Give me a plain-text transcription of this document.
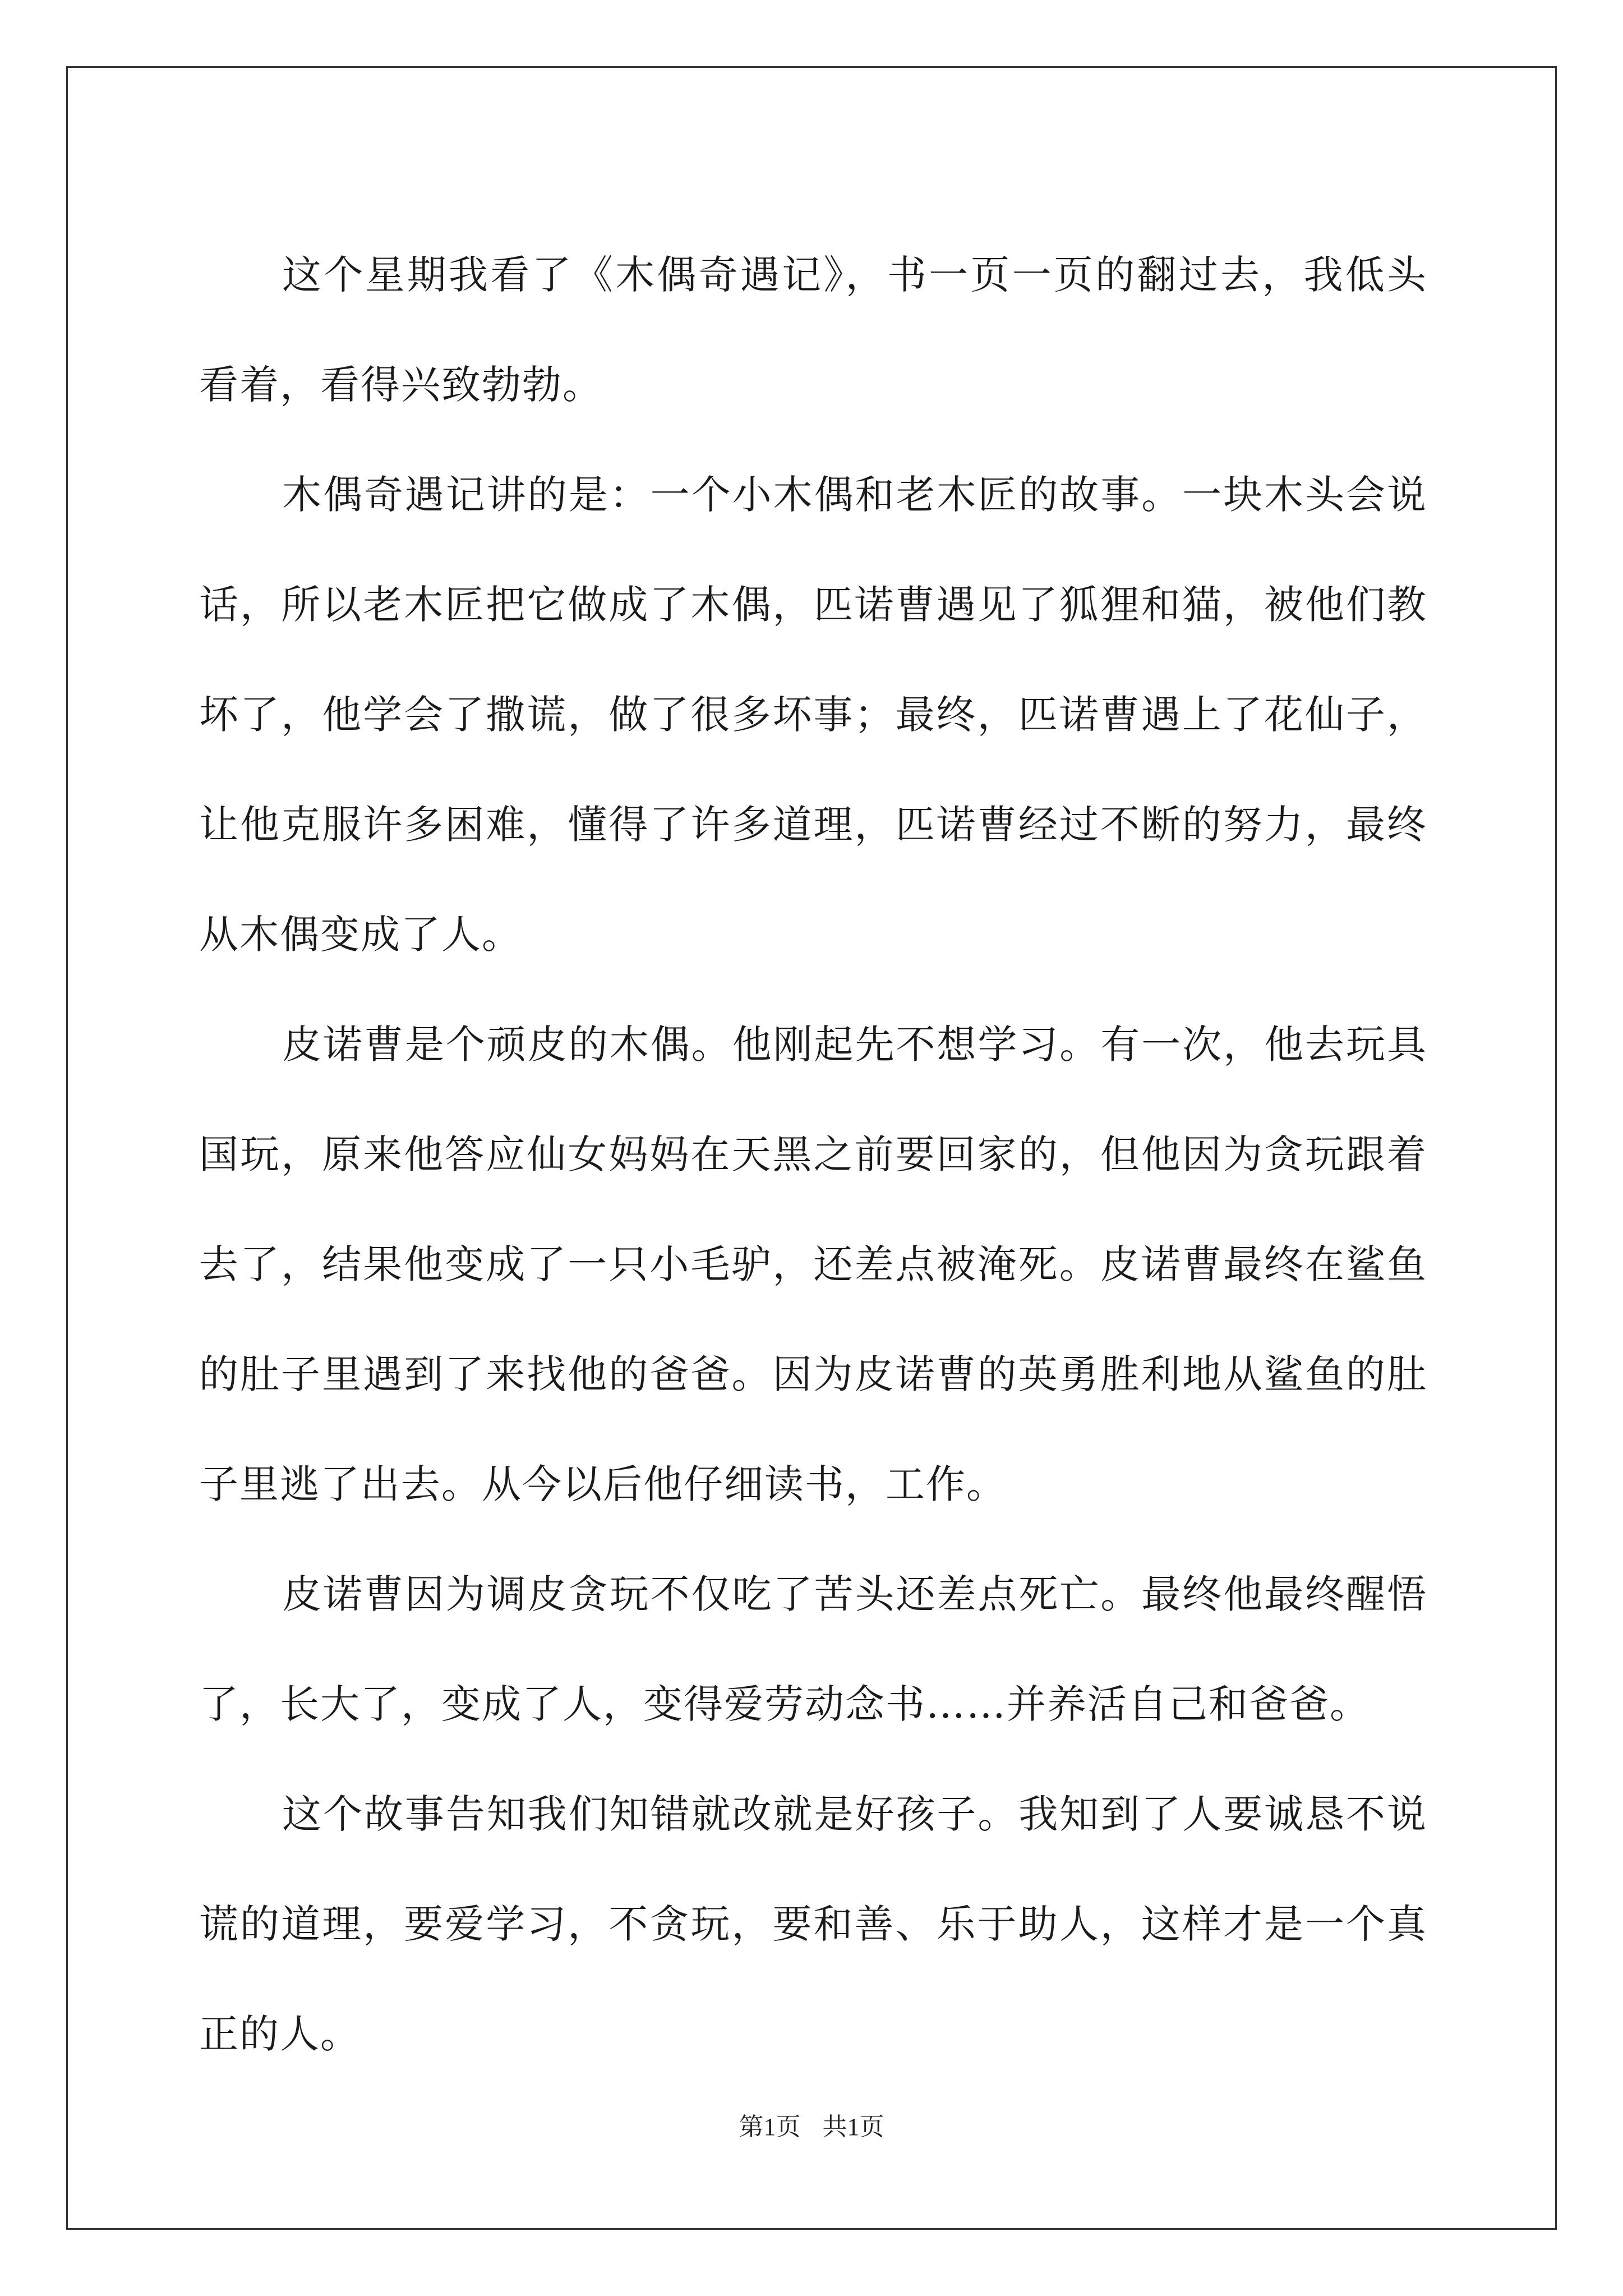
这个星期我看了《木偶奇遇记》，书一页一页的翻过去，我低头看着，看得兴致勃勃。

木偶奇遇记讲的是：一个小木偶和老木匠的故事。一块木头会说话，所以老木匠把它做成了木偶，匹诺曹遇见了狐狸和猫，被他们教坏了，他学会了撒谎，做了很多坏事；最终，匹诺曹遇上了花仙子，让他克服许多困难，懂得了许多道理，匹诺曹经过不断的努力，最终从木偶变成了人。

皮诺曹是个顽皮的木偶。他刚起先不想学习。有一次，他去玩具国玩，原来他答应仙女妈妈在天黑之前要回家的，但他因为贪玩跟着去了，结果他变成了一只小毛驴，还差点被淹死。皮诺曹最终在鲨鱼的肚子里遇到了来找他的爸爸。因为皮诺曹的英勇胜利地从鲨鱼的肚子里逃了出去。从今以后他仔细读书，工作。

皮诺曹因为调皮贪玩不仅吃了苦头还差点死亡。最终他最终醒悟了，长大了，变成了人，变得爱劳动念书……并养活自己和爸爸。

这个故事告知我们知错就改就是好孩子。我知到了人要诚恳不说谎的道理，要爱学习，不贪玩，要和善、乐于助人，这样才是一个真正的人。

第1页 共1页
